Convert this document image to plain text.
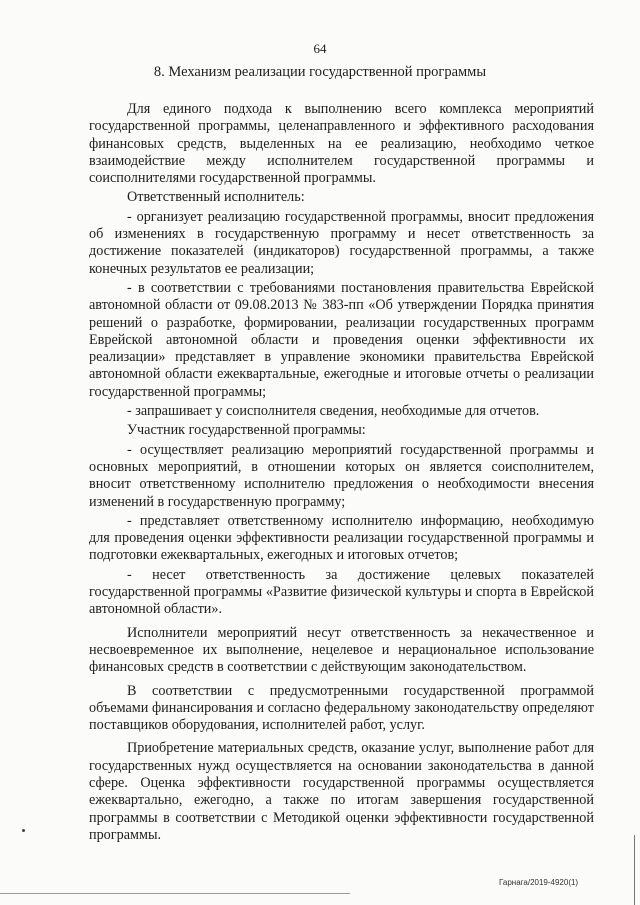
64
8. Механизм реализации государственной программы

Для единого подхода к выполнению всего комплекса мероприятий государственной программы, целенаправленного и эффективного расходования финансовых средств, выделенных на ее реализацию, необходимо четкое взаимодействие между исполнителем государственной программы и соисполнителями государственной программы.

Ответственный исполнитель:

- организует реализацию государственной программы, вносит предложения об изменениях в государственную программу и несет ответственность за достижение показателей (индикаторов) государственной программы, а также конечных результатов ее реализации;

- в соответствии с требованиями постановления правительства Еврейской автономной области от 09.08.2013 № 383-пп «Об утверждении Порядка принятия решений о разработке, формировании, реализации государственных программ Еврейской автономной области и проведения оценки эффективности их реализации» представляет в управление экономики правительства Еврейской автономной области ежеквартальные, ежегодные и итоговые отчеты о реализации государственной программы;

- запрашивает у соисполнителя сведения, необходимые для отчетов.

Участник государственной программы:

- осуществляет реализацию мероприятий государственной программы и основных мероприятий, в отношении которых он является соисполнителем, вносит ответственному исполнителю предложения о необходимости внесения изменений в государственную программу;

- представляет ответственному исполнителю информацию, необходимую для проведения оценки эффективности реализации государственной программы и подготовки ежеквартальных, ежегодных и итоговых отчетов;

- несет ответственность за достижение целевых показателей государственной программы «Развитие физической культуры и спорта в Еврейской автономной области».

Исполнители мероприятий несут ответственность за некачественное и несвоевременное их выполнение, нецелевое и нерациональное использование финансовых средств в соответствии с действующим законодательством.

В соответствии с предусмотренными государственной программой объемами финансирования и согласно федеральному законодательству определяют поставщиков оборудования, исполнителей работ, услуг.

Приобретение материальных средств, оказание услуг, выполнение работ для государственных нужд осуществляется на основании законодательства в данной сфере. Оценка эффективности государственной программы осуществляется ежеквартально, ежегодно, а также по итогам завершения государственной программы в соответствии с Методикой оценки эффективности государственной программы.

Гарнага/2019-4920(1)
